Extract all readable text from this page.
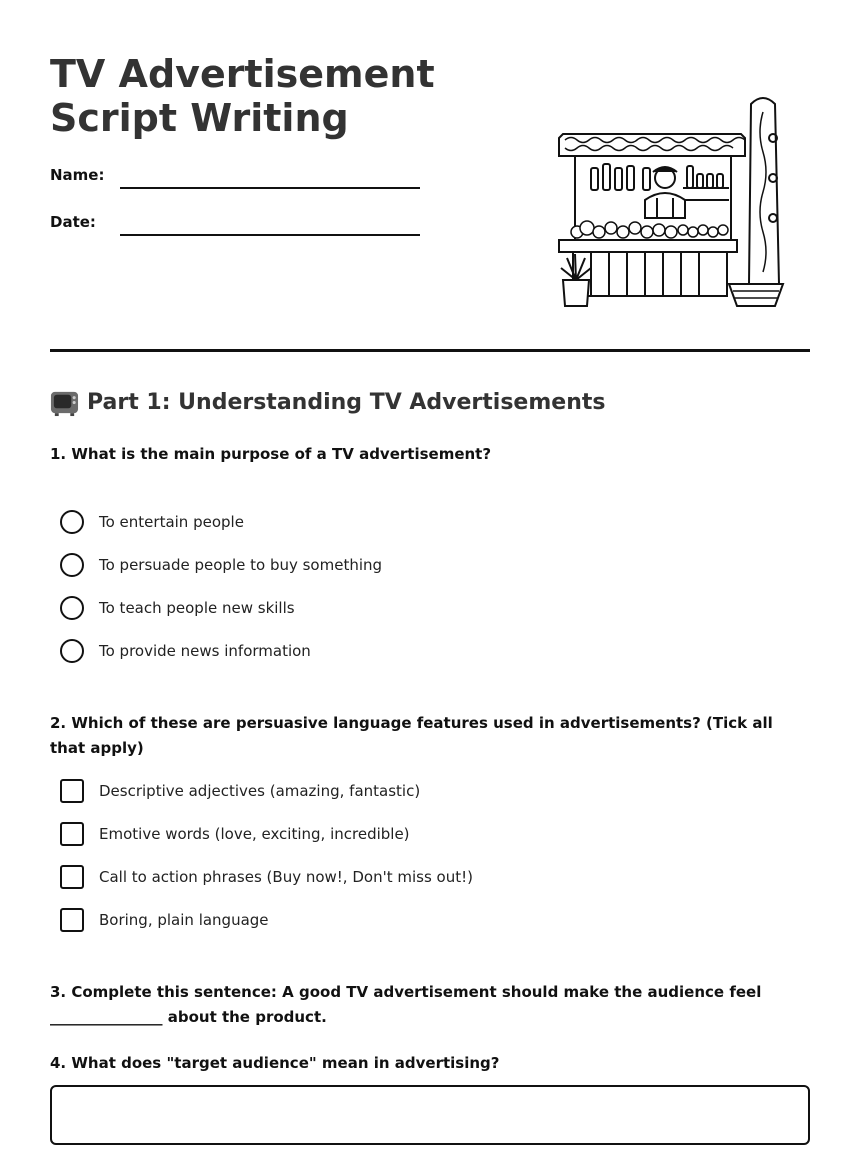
TV Advertisement Script Writing
Name:
Date:
Part 1: Understanding TV Advertisements
1. What is the main purpose of a TV advertisement?
To entertain people
To persuade people to buy something
To teach people new skills
To provide news information
2. Which of these are persuasive language features used in advertisements? (Tick all that apply)
Descriptive adjectives (amazing, fantastic)
Emotive words (love, exciting, incredible)
Call to action phrases (Buy now!, Don't miss out!)
Boring, plain language
3. Complete this sentence: A good TV advertisement should make the audience feel _______________ about the product.
4. What does "target audience" mean in advertising?
